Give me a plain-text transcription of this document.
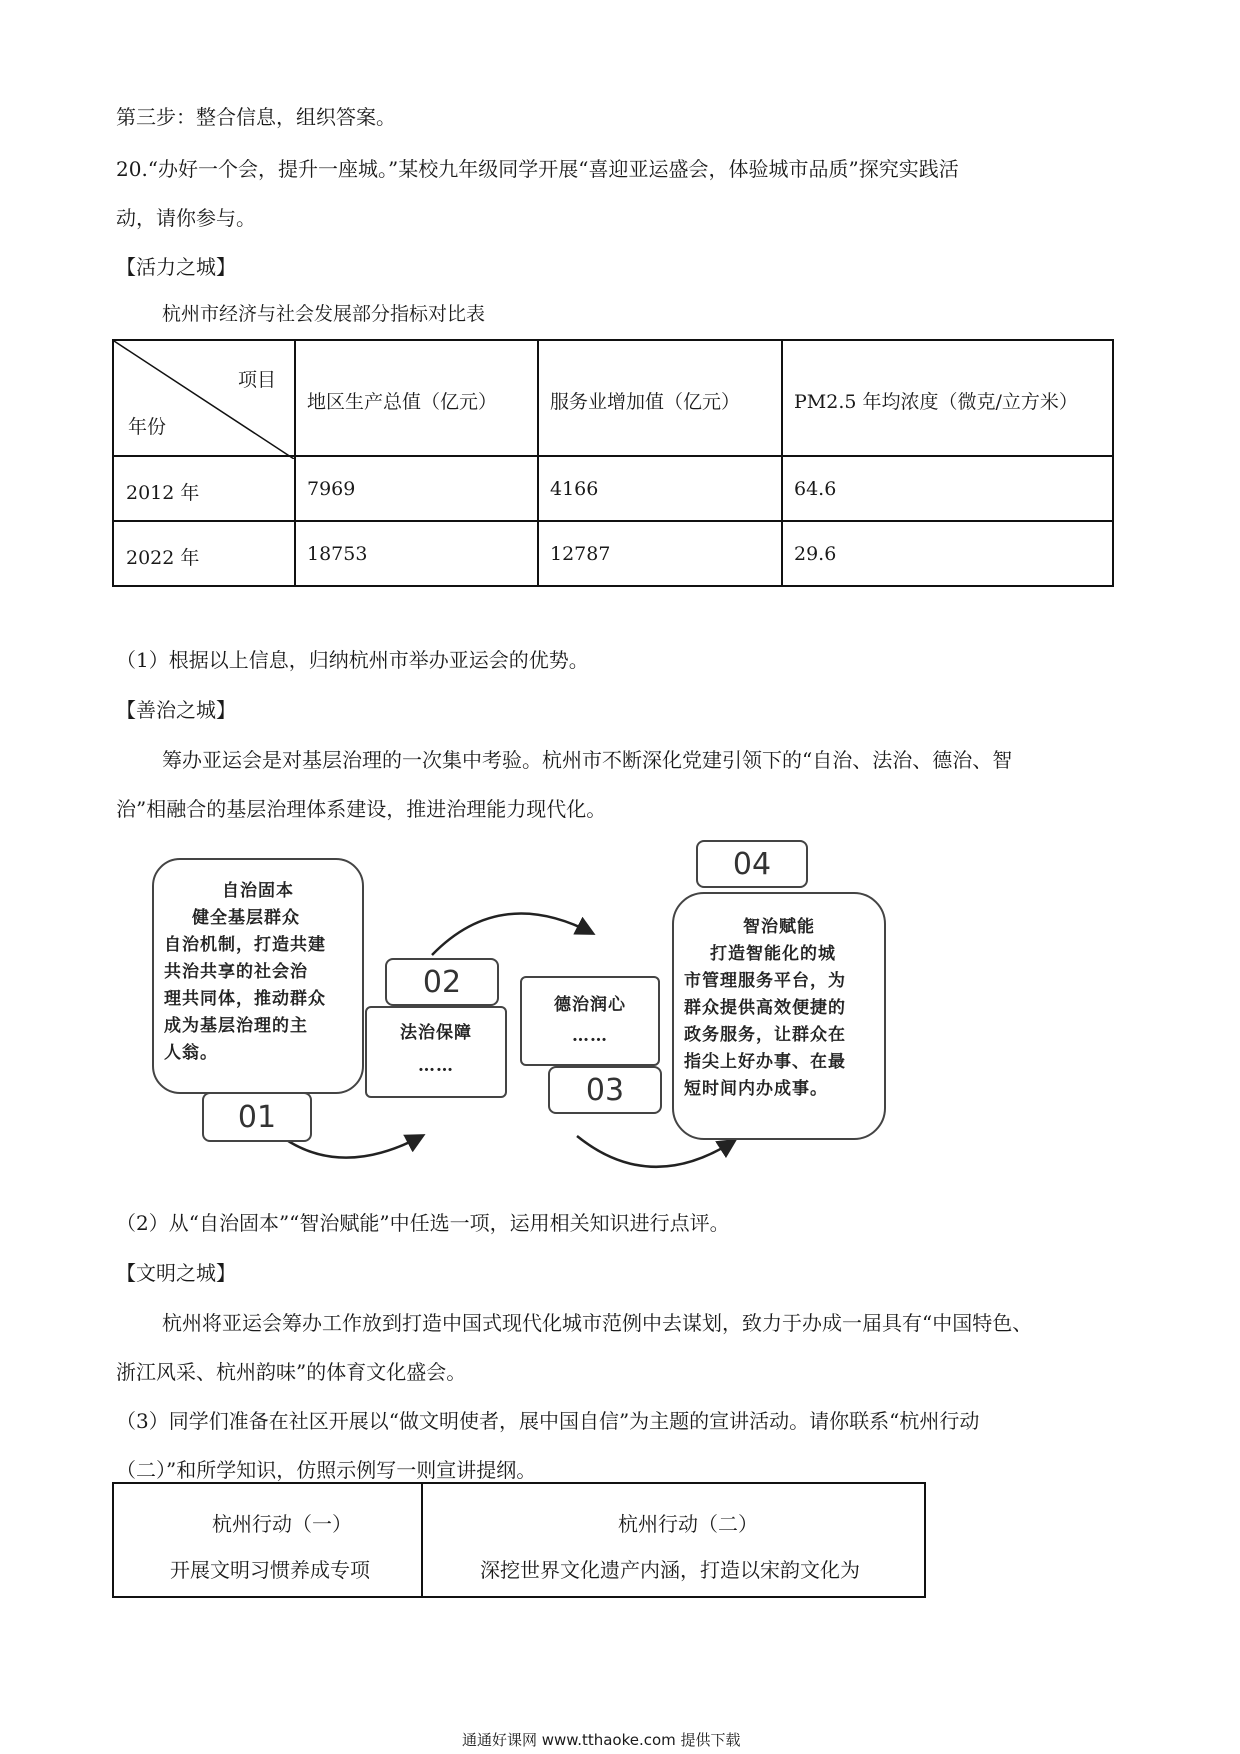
第三步：整合信息，组织答案。
20.“办好一个会，提升一座城。”某校九年级同学开展“喜迎亚运盛会，体验城市品质”探究实践活
动，请你参与。
【活力之城】
杭州市经济与社会发展部分指标对比表
项目
年份
地区生产总值（亿元）	服务业增加值（亿元）	PM2.5 年均浓度（微克/立方米）
2012 年	7969	4166	64.6
2022 年	18753	12787	29.6
（1）根据以上信息，归纳杭州市举办亚运会的优势。
【善治之城】
筹办亚运会是对基层治理的一次集中考验。杭州市不断深化党建引领下的“自治、法治、德治、智
治”相融合的基层治理体系建设，推进治理能力现代化。
自治固本
健全基层群众
自治机制，打造共建
共治共享的社会治
理共同体，推动群众
成为基层治理的主
人翁。
01
02
法治保障
……
德治润心
……
03
04
智治赋能
打造智能化的城
市管理服务平台，为
群众提供高效便捷的
政务服务，让群众在
指尖上好办事、在最
短时间内办成事。
（2）从“自治固本”“智治赋能”中任选一项，运用相关知识进行点评。
【文明之城】
杭州将亚运会筹办工作放到打造中国式现代化城市范例中去谋划，致力于办成一届具有“中国特色、
浙江风采、杭州韵味”的体育文化盛会。
（3）同学们准备在社区开展以“做文明使者，展中国自信”为主题的宣讲活动。请你联系“杭州行动
（二）”和所学知识，仿照示例写一则宣讲提纲。
杭州行动（一）	杭州行动（二）
开展文明习惯养成专项	深挖世界文化遗产内涵，打造以宋韵文化为
通通好课网 www.tthaoke.com 提供下载
